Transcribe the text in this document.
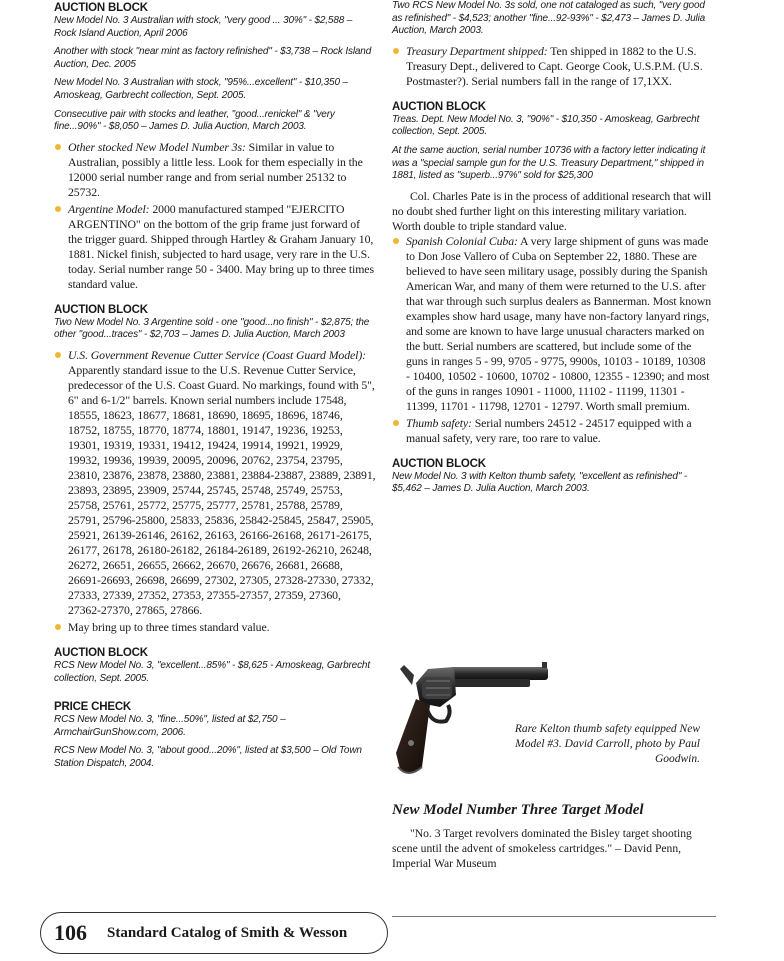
AUCTION BLOCK
New Model No. 3 Australian with stock, "very good ... 30%" - $2,588 – Rock Island Auction, April 2006
Another with stock "near mint as factory refinished" - $3,738 – Rock Island Auction, Dec. 2005
New Model No. 3 Australian with stock, "95%...excellent" - $10,350 – Amoskeag, Garbrecht collection, Sept. 2005.
Consecutive pair with stocks and leather, "good...renickel" & "very fine...90%" - $8,050 – James D. Julia Auction, March 2003.
Other stocked New Model Number 3s: Similar in value to Australian, possibly a little less. Look for them especially in the 12000 serial number range and from serial number 25132 to 25732.
Argentine Model: 2000 manufactured stamped "EJERCITO ARGENTINO" on the bottom of the grip frame just forward of the trigger guard. Shipped through Hartley & Graham January 10, 1881. Nickel finish, subjected to hard usage, very rare in the U.S. today. Serial number range 50 - 3400. May bring up to three times standard value.
AUCTION BLOCK
Two New Model No. 3 Argentine sold - one "good...no finish" - $2,875; the other "good...traces" - $2,703 – James D. Julia Auction, March 2003
U.S. Government Revenue Cutter Service (Coast Guard Model): Apparently standard issue to the U.S. Revenue Cutter Service, predecessor of the U.S. Coast Guard. No markings, found with 5", 6" and 6-1/2" barrels. Known serial numbers include 17548, 18555, 18623, 18677, 18681, 18690, 18695, 18696, 18746, 18752, 18755, 18770, 18774, 18801, 19147, 19236, 19253, 19301, 19319, 19331, 19412, 19424, 19914, 19921, 19929, 19932, 19936, 19939, 20095, 20096, 20762, 23754, 23795, 23810, 23876, 23878, 23880, 23881, 23884-23887, 23889, 23891, 23893, 23895, 23909, 25744, 25745, 25748, 25749, 25753, 25758, 25761, 25772, 25775, 25777, 25781, 25788, 25789, 25791, 25796-25800, 25833, 25836, 25842-25845, 25847, 25905, 25921, 26139-26146, 26162, 26163, 26166-26168, 26171-26175, 26177, 26178, 26180-26182, 26184-26189, 26192-26210, 26248, 26272, 26651, 26655, 26662, 26670, 26676, 26681, 26688, 26691-26693, 26698, 26699, 27302, 27305, 27328-27330, 27332, 27333, 27339, 27352, 27353, 27355-27357, 27359, 27360, 27362-27370, 27865, 27866.
May bring up to three times standard value.
AUCTION BLOCK
RCS New Model No. 3, "excellent...85%" - $8,625 - Amoskeag, Garbrecht collection, Sept. 2005.
PRICE CHECK
RCS New Model No. 3, "fine...50%", listed at $2,750 – ArmchairGunShow.com, 2006.
RCS New Model No. 3, "about good...20%", listed at $3,500 – Old Town Station Dispatch, 2004.
Two RCS New Model No. 3s sold, one not cataloged as such, "very good as refinished" - $4,523; another "fine...92-93%" - $2,473 – James D. Julia Auction, March 2003.
Treasury Department shipped: Ten shipped in 1882 to the U.S. Treasury Dept., delivered to Capt. George Cook, U.S.P.M. (U.S. Postmaster?). Serial numbers fall in the range of 17,1XX.
AUCTION BLOCK
Treas. Dept. New Model No. 3, "90%" - $10,350 - Amoskeag, Garbrecht collection, Sept. 2005.
At the same auction, serial number 10736 with a factory letter indicating it was a "special sample gun for the U.S. Treasury Department," shipped in 1881, listed as "superb...97%" sold for $25,300
Col. Charles Pate is in the process of additional research that will no doubt shed further light on this interesting military variation. Worth double to triple standard value.
Spanish Colonial Cuba: A very large shipment of guns was made to Don Jose Vallero of Cuba on September 22, 1880. These are believed to have seen military usage, possibly during the Spanish American War, and many of them were returned to the U.S. after that war through such surplus dealers as Bannerman. Most known examples show hard usage, many have non-factory lanyard rings, and some are known to have large unusual characters marked on the butt. Serial numbers are scattered, but include some of the guns in ranges 5 - 99, 9705 - 9775, 9900s, 10103 - 10189, 10308 - 10400, 10502 - 10600, 10702 - 10800, 12355 - 12390; and most of the guns in ranges 10901 - 11000, 11102 - 11199, 11301 - 11399, 11701 - 11798, 12701 - 12797. Worth small premium.
Thumb safety: Serial numbers 24512 - 24517 equipped with a manual safety, very rare, too rare to value.
AUCTION BLOCK
New Model No. 3 with Kelton thumb safety, "excellent as refinished" - $5,462 – James D. Julia Auction, March 2003.
Rare Kelton thumb safety equipped New Model #3. David Carroll, photo by Paul Goodwin.
New Model Number Three Target Model
"No. 3 Target revolvers dominated the Bisley target shooting scene until the advent of smokeless cartridges." – David Penn, Imperial War Museum
106 Standard Catalog of Smith & Wesson
